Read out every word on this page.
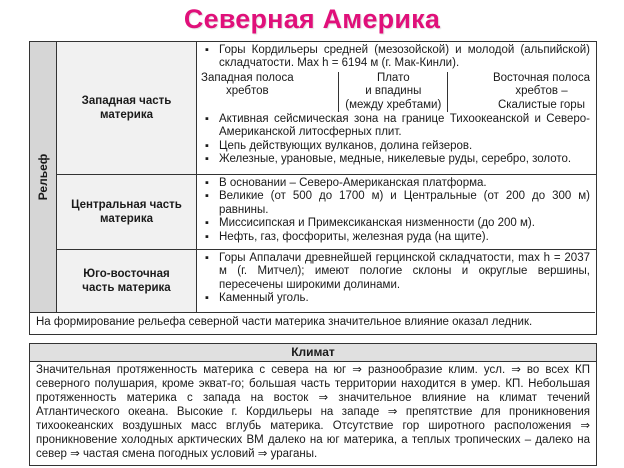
Северная Америка
Рельеф
Западная часть материка
▪ Горы Кордильеры средней (мезозойской) и молодой (альпийской) складчатости. Max h = 6194 м (г. Мак-Кинли).
Западная полоса
хребтов
Плато
и впадины
(между хребтами)
Восточная полоса
хребтов –
Скалистые горы
▪ Активная сейсмическая зона на границе Тихоокеанской и Северо-Американской литосферных плит.
▪ Цепь действующих вулканов, долина гейзеров.
▪ Железные, урановые, медные, никелевые руды, серебро, золото.
Центральная часть материка
▪ В основании – Северо-Американская платформа.
▪ Великие (от 500 до 1700 м) и Центральные (от 200 до 300 м) равнины.
▪ Миссисипская и Примексиканская низменности (до 200 м).
▪ Нефть, газ, фосфориты, железная руда (на щите).
Юго-восточная часть материка
▪ Горы Аппалачи древнейшей герцинской складчатости, max h = 2037 м (г. Митчел); имеют пологие склоны и округлые вершины, пересечены широкими долинами.
▪ Каменный уголь.
На формирование рельефа северной части материка значительное влияние оказал ледник.
Климат
Значительная протяженность материка с севера на юг ⇒ разнообразие клим. усл. ⇒ во всех КП северного полушария, кроме экват-го; большая часть территории находится в умер. КП. Небольшая протяженность материка с запада на восток ⇒ значительное влияние на климат течений Атлантического океана. Высокие г. Кордильеры на западе ⇒ препятствие для проникновения тихоокеанских воздушных масс вглубь материка. Отсутствие гор широтного расположения ⇒ проникновение холодных арктических ВМ далеко на юг материка, а теплых тропических – далеко на север ⇒ частая смена погодных условий ⇒ ураганы.
